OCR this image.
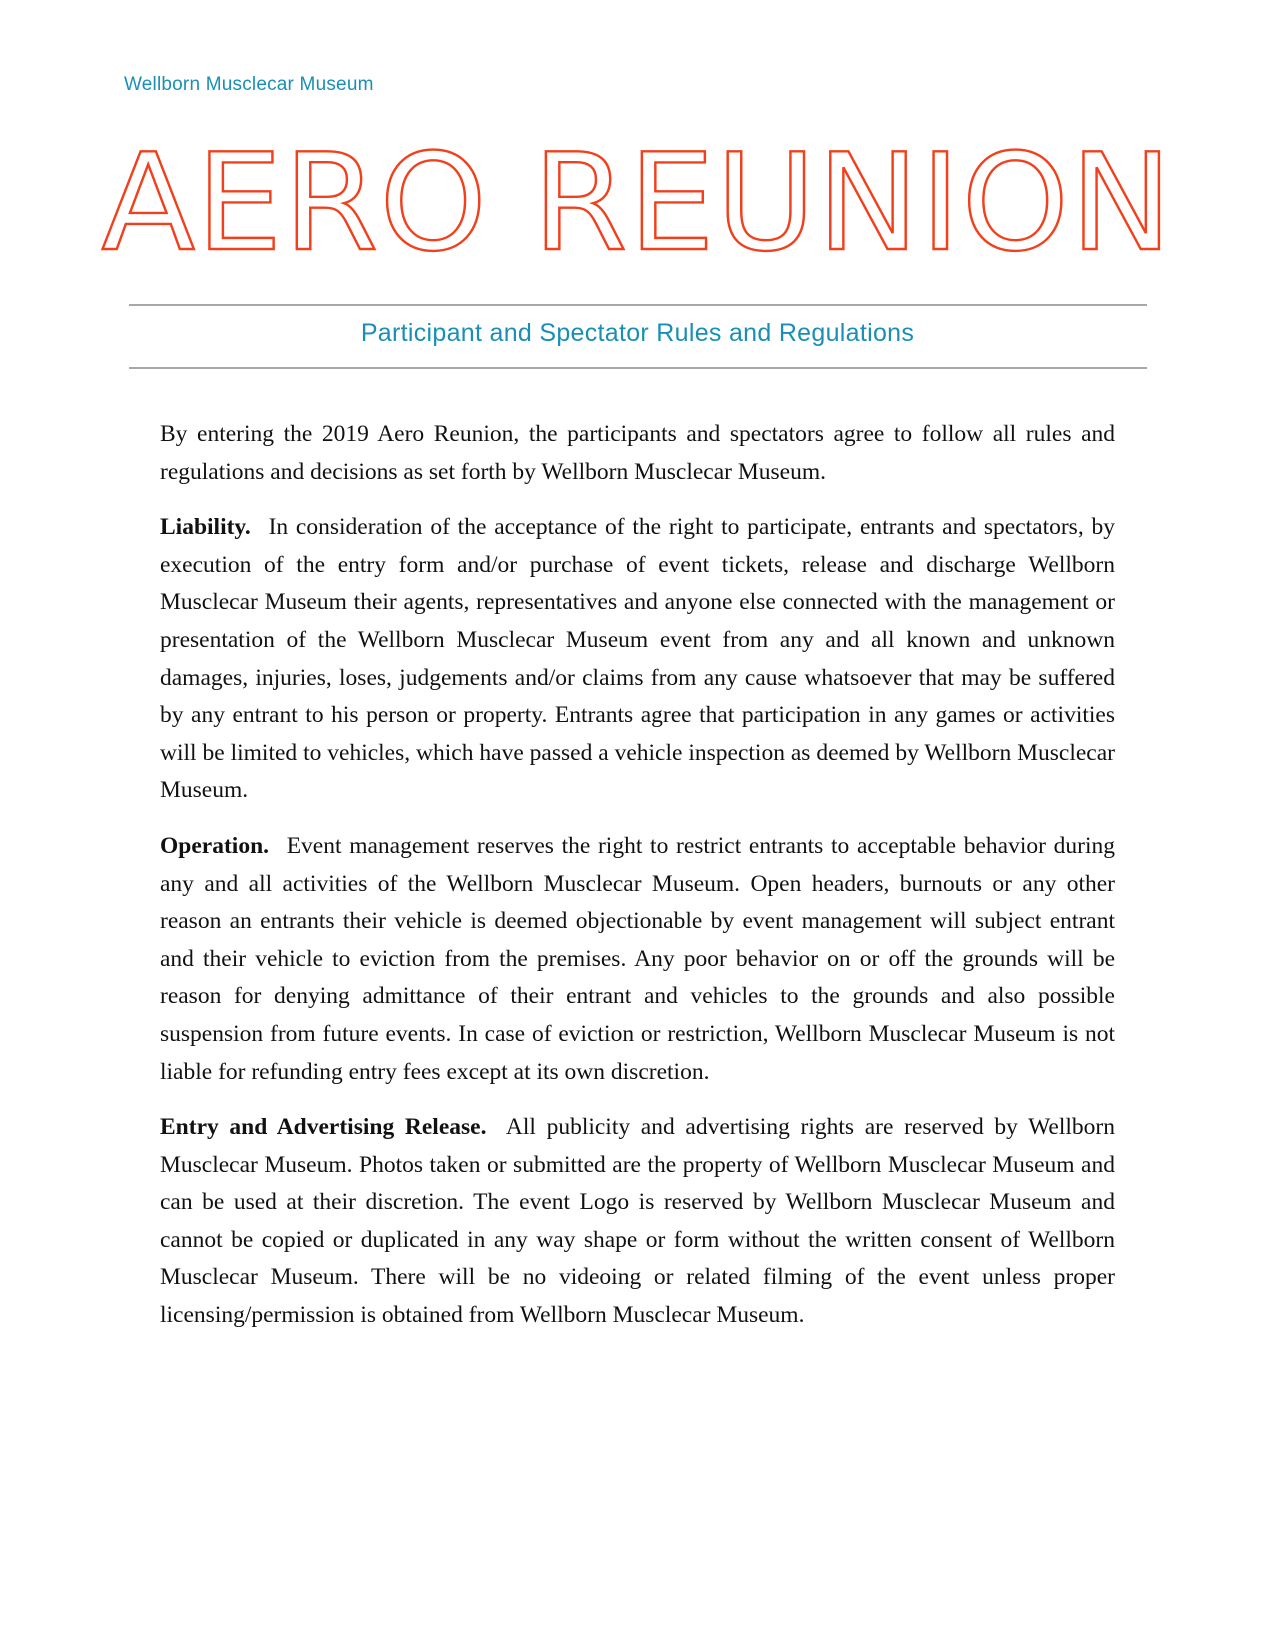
Wellborn Musclecar Museum
AERO REUNION
Participant and Spectator Rules and Regulations

By entering the 2019 Aero Reunion, the participants and spectators agree to follow all rules and regulations and decisions as set forth by Wellborn Musclecar Museum.

Liability. In consideration of the acceptance of the right to participate, entrants and spectators, by execution of the entry form and/or purchase of event tickets, release and discharge Wellborn Musclecar Museum their agents, representatives and anyone else connected with the management or presentation of the Wellborn Musclecar Museum event from any and all known and unknown damages, injuries, loses, judgements and/or claims from any cause whatsoever that may be suffered by any entrant to his person or property. Entrants agree that participation in any games or activities will be limited to vehicles, which have passed a vehicle inspection as deemed by Wellborn Musclecar Museum.

Operation. Event management reserves the right to restrict entrants to acceptable behavior during any and all activities of the Wellborn Musclecar Museum. Open headers, burnouts or any other reason an entrants their vehicle is deemed objectionable by event management will subject entrant and their vehicle to eviction from the premises. Any poor behavior on or off the grounds will be reason for denying admittance of their entrant and vehicles to the grounds and also possible suspension from future events. In case of eviction or restriction, Wellborn Musclecar Museum is not liable for refunding entry fees except at its own discretion.

Entry and Advertising Release. All publicity and advertising rights are reserved by Wellborn Musclecar Museum. Photos taken or submitted are the property of Wellborn Musclecar Museum and can be used at their discretion. The event Logo is reserved by Wellborn Musclecar Museum and cannot be copied or duplicated in any way shape or form without the written consent of Wellborn Musclecar Museum. There will be no videoing or related filming of the event unless proper licensing/permission is obtained from Wellborn Musclecar Museum.
